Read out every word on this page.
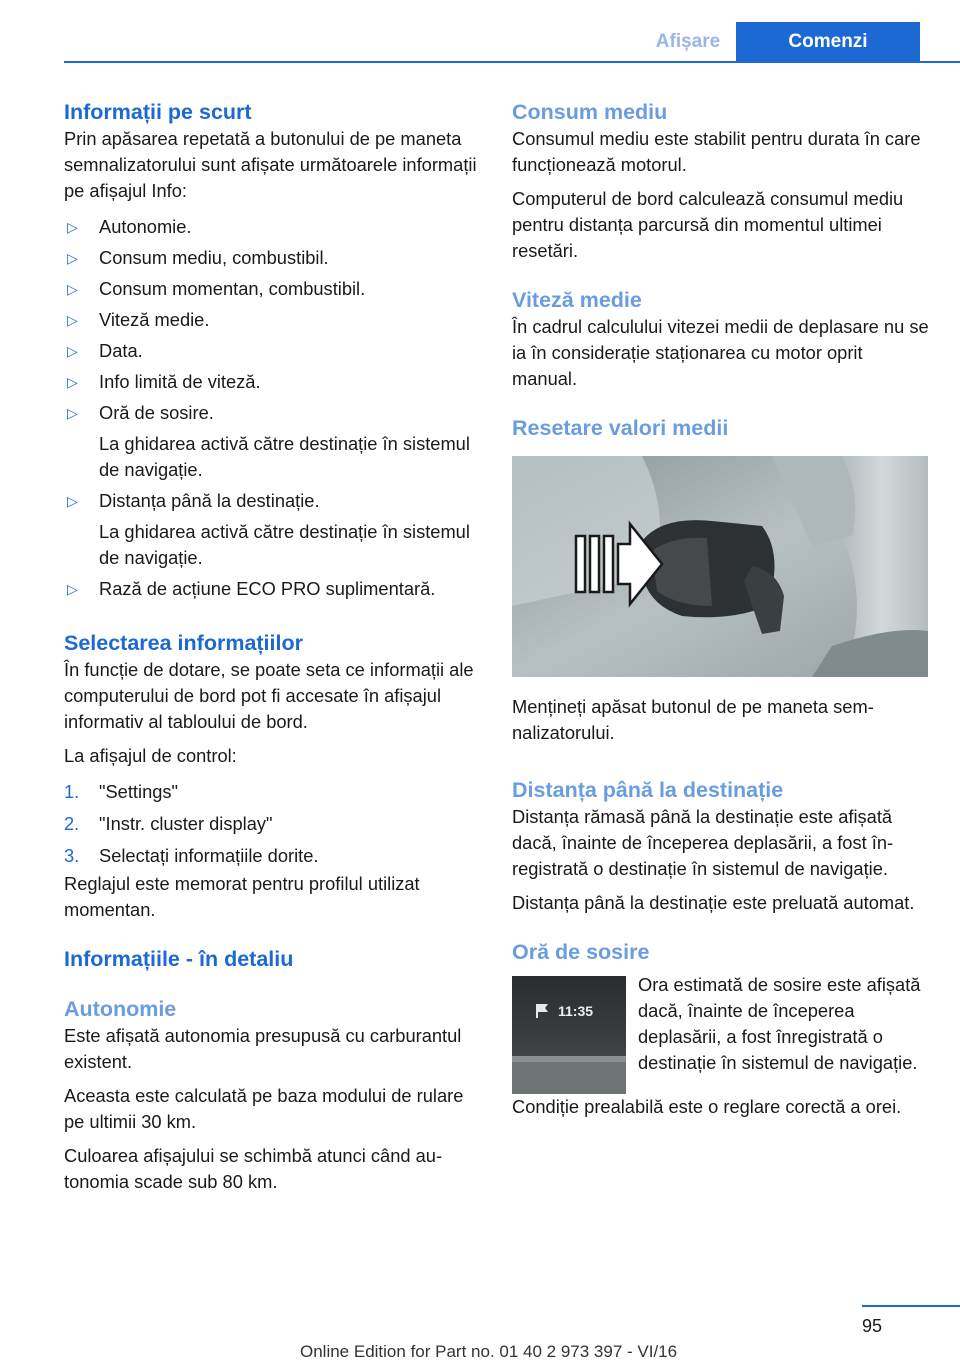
Afișare	Comenzi
Informații pe scurt

Prin apăsarea repetată a butonului de pe maneta semnalizatorului sunt afișate următoarele informații pe afișajul Info:

▷ Autonomie.
▷ Consum mediu, combustibil.
▷ Consum momentan, combustibil.
▷ Viteză medie.
▷ Data.
▷ Info limită de viteză.
▷ Oră de sosire.
La ghidarea activă către destinație în sistemul de navigație.
▷ Distanța până la destinație.
La ghidarea activă către destinație în sistemul de navigație.
▷ Rază de acțiune ECO PRO suplimentară.
Selectarea informațiilor

În funcție de dotare, se poate seta ce informații ale computerului de bord pot fi accesate în afișajul informativ al tabloului de bord.

La afișajul de control:

1. "Settings"
2. "Instr. cluster display"
3. Selectați informațiile dorite.

Reglajul este memorat pentru profilul utilizat momentan.

Informațiile - în detaliu
Autonomie

Este afișată autonomia presupusă cu carburantul existent.

Aceasta este calculată pe baza modului de rulare pe ultimii 30 km.

Culoarea afișajului se schimbă atunci când autonomia scade sub 80 km.

Consum mediu

Consumul mediu este stabilit pentru durata în care funcționează motorul.

Computerul de bord calculează consumul mediu pentru distanța parcursă din momentul ultimei resetări.

Viteză medie

În cadrul calculului vitezei medii de deplasare nu se ia în considerație staționarea cu motor oprit manual.

Resetare valori medii

Mențineți apăsat butonul de pe maneta semnalizatorului.

Distanța până la destinație

Distanța rămasă până la destinație este afișată dacă, înainte de începerea deplasării, a fost înregistrată o destinație în sistemul de navigație.

Distanța până la destinație este preluată automat.

Oră de sosire
11:35

Ora estimată de sosire este afișată dacă, înainte de începerea deplasării, a fost înregistrată o destinație în sistemul de navigație.

Condiție prealabilă este o reglare corectă a orei.

95
Online Edition for Part no. 01 40 2 973 397 - VI/16
